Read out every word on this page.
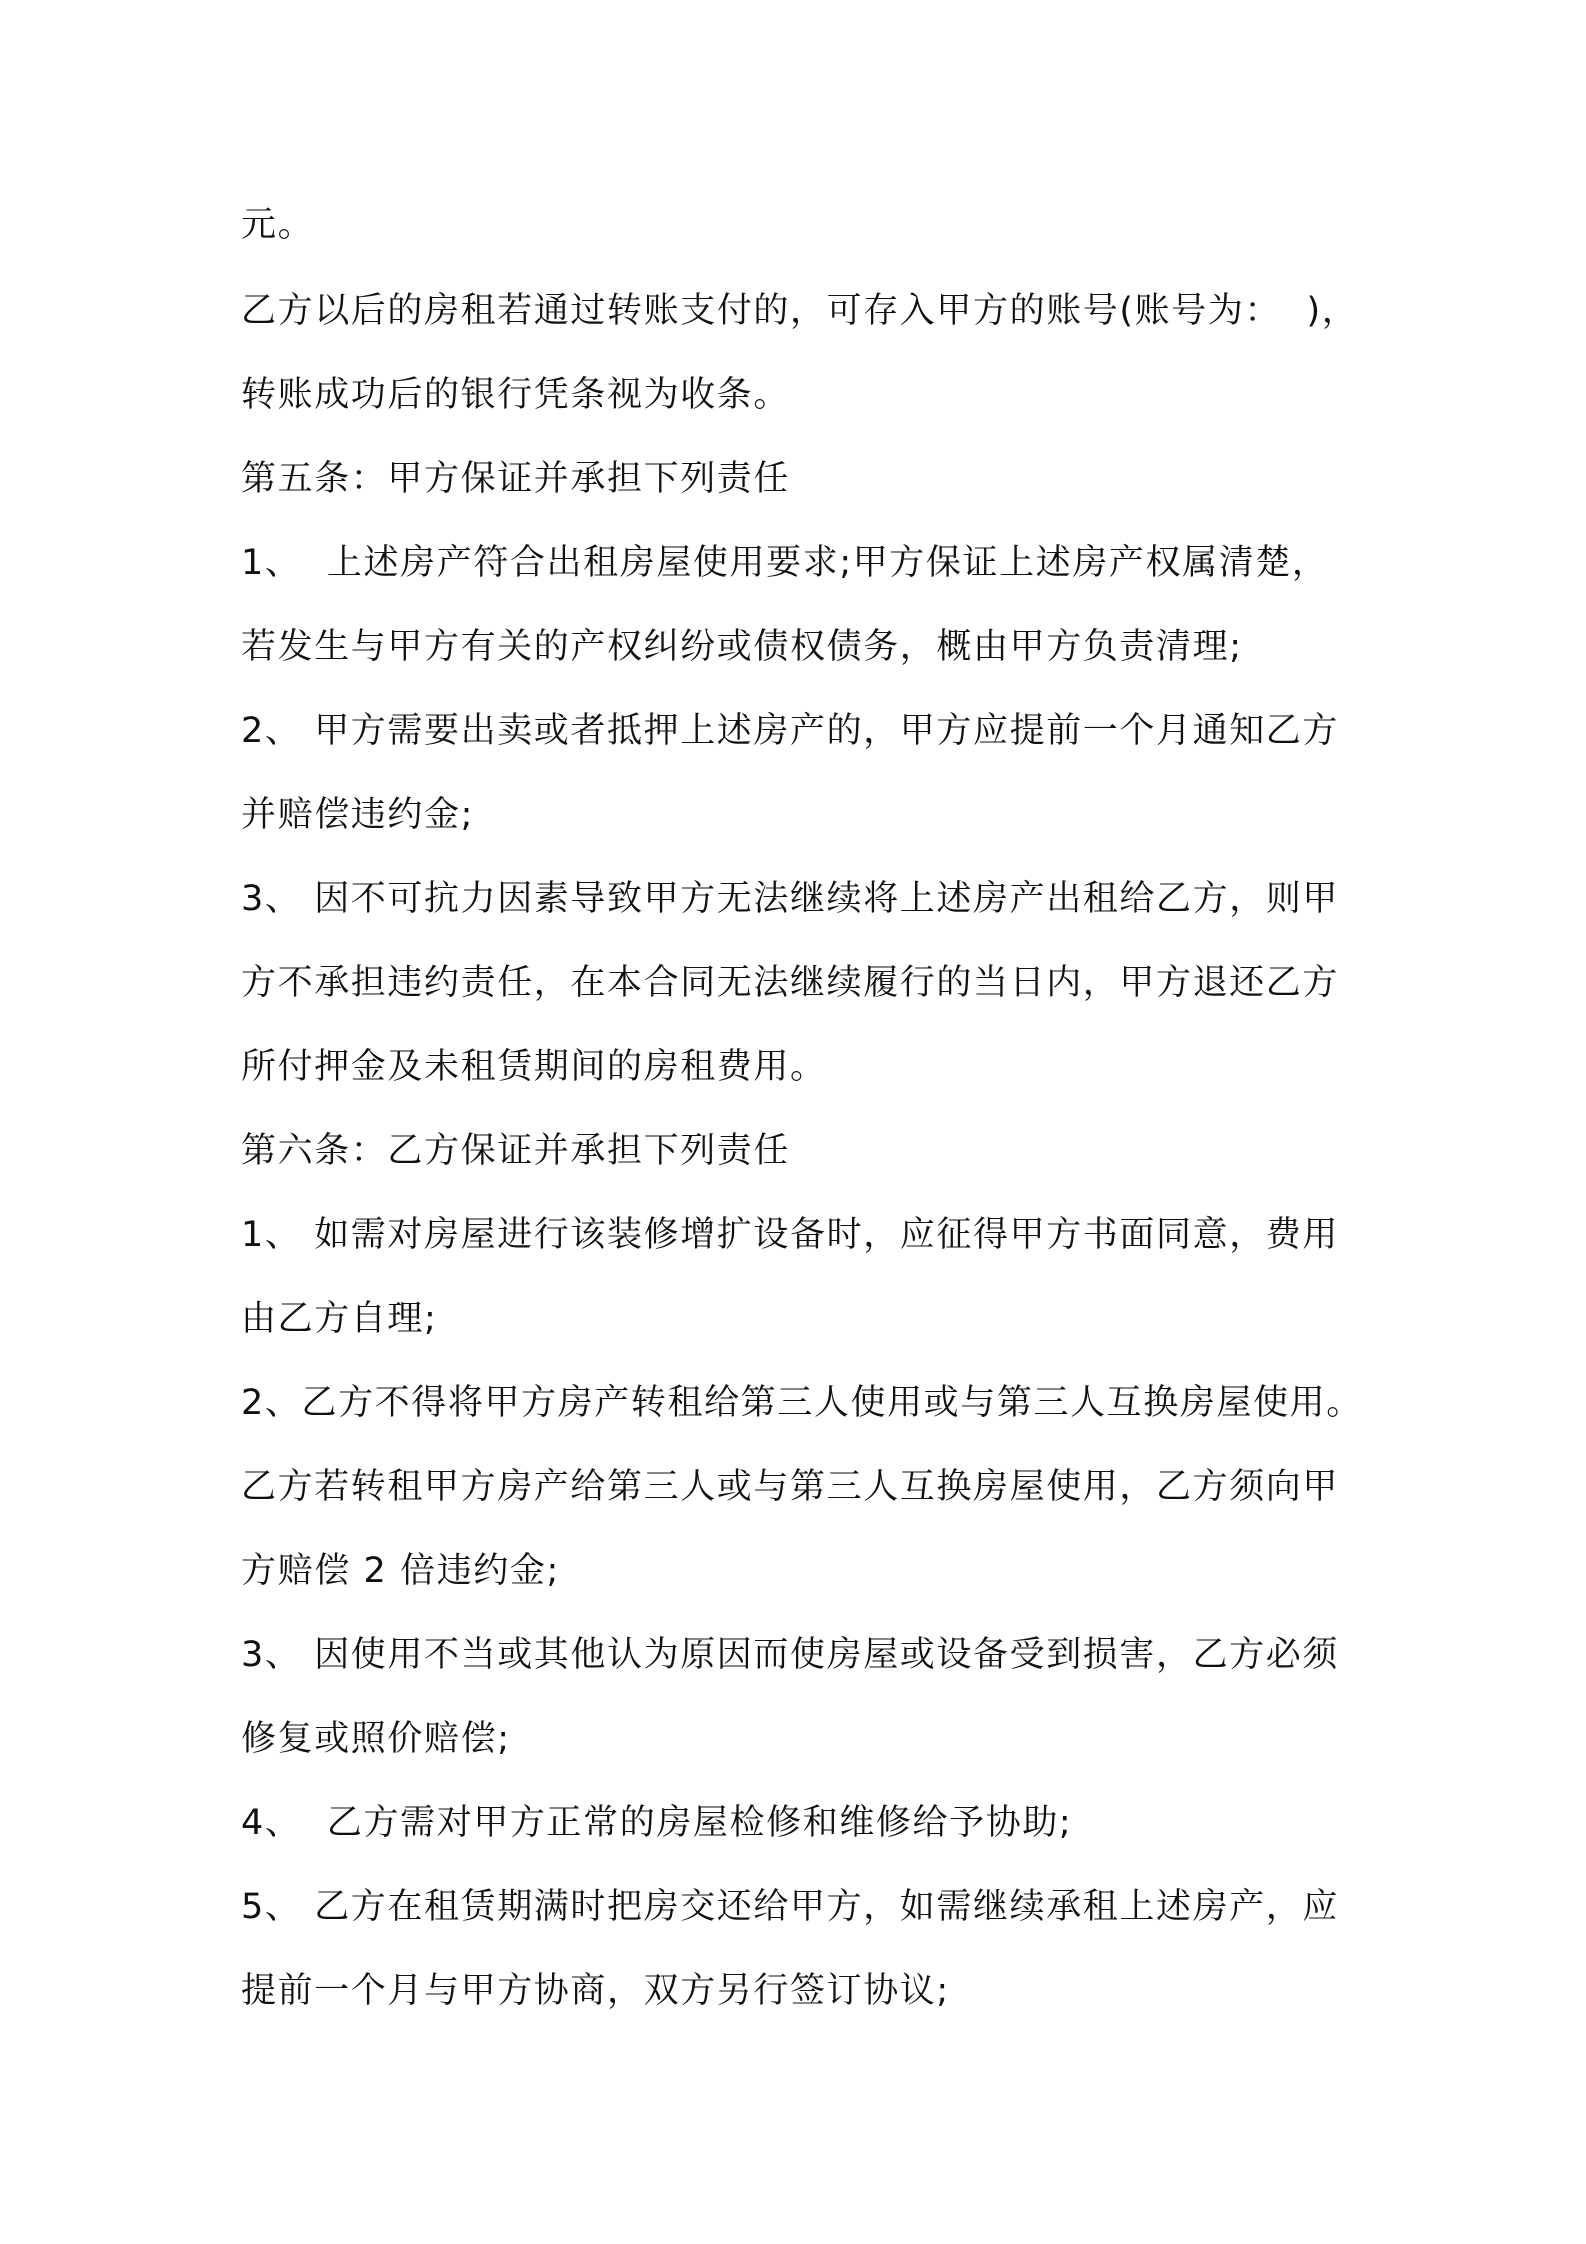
元。

乙方以后的房租若通过转账支付的，可存入甲方的账号(账号为：  )，

转账成功后的银行凭条视为收条。

第五条：甲方保证并承担下列责任

1、  上述房产符合出租房屋使用要求;甲方保证上述房产权属清楚，

若发生与甲方有关的产权纠纷或债权债务，概由甲方负责清理;

2、 甲方需要出卖或者抵押上述房产的，甲方应提前一个月通知乙方

并赔偿违约金;

3、 因不可抗力因素导致甲方无法继续将上述房产出租给乙方，则甲

方不承担违约责任，在本合同无法继续履行的当日内，甲方退还乙方

所付押金及未租赁期间的房租费用。

第六条：乙方保证并承担下列责任

1、 如需对房屋进行该装修增扩设备时，应征得甲方书面同意，费用

由乙方自理;

2、乙方不得将甲方房产转租给第三人使用或与第三人互换房屋使用。

乙方若转租甲方房产给第三人或与第三人互换房屋使用，乙方须向甲

方赔偿 2 倍违约金;

3、 因使用不当或其他认为原因而使房屋或设备受到损害，乙方必须

修复或照价赔偿;

4、  乙方需对甲方正常的房屋检修和维修给予协助;

5、 乙方在租赁期满时把房交还给甲方，如需继续承租上述房产，应

提前一个月与甲方协商，双方另行签订协议;
